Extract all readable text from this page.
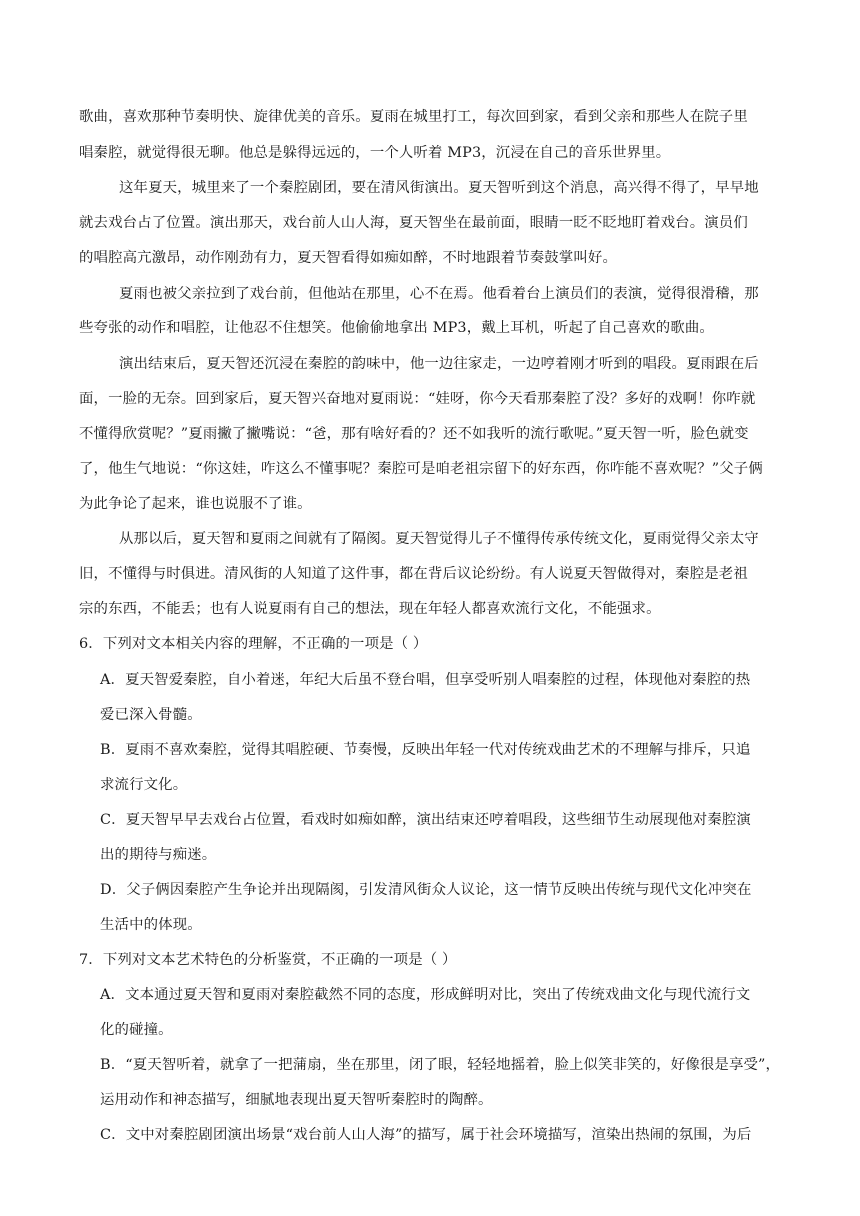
歌曲，喜欢那种节奏明快、旋律优美的音乐。夏雨在城里打工，每次回到家，看到父亲和那些人在院子里
唱秦腔，就觉得很无聊。他总是躲得远远的，一个人听着 MP3，沉浸在自己的音乐世界里。
这年夏天，城里来了一个秦腔剧团，要在清风街演出。夏天智听到这个消息，高兴得不得了，早早地
就去戏台占了位置。演出那天，戏台前人山人海，夏天智坐在最前面，眼睛一眨不眨地盯着戏台。演员们
的唱腔高亢激昂，动作刚劲有力，夏天智看得如痴如醉，不时地跟着节奏鼓掌叫好。
夏雨也被父亲拉到了戏台前，但他站在那里，心不在焉。他看着台上演员们的表演，觉得很滑稽，那
些夸张的动作和唱腔，让他忍不住想笑。他偷偷地拿出 MP3，戴上耳机，听起了自己喜欢的歌曲。
演出结束后，夏天智还沉浸在秦腔的韵味中，他一边往家走，一边哼着刚才听到的唱段。夏雨跟在后
面，一脸的无奈。回到家后，夏天智兴奋地对夏雨说：“娃呀，你今天看那秦腔了没？多好的戏啊！你咋就
不懂得欣赏呢？”夏雨撇了撇嘴说：“爸，那有啥好看的？还不如我听的流行歌呢。”夏天智一听，脸色就变
了，他生气地说：“你这娃，咋这么不懂事呢？秦腔可是咱老祖宗留下的好东西，你咋能不喜欢呢？”父子俩
为此争论了起来，谁也说服不了谁。
从那以后，夏天智和夏雨之间就有了隔阂。夏天智觉得儿子不懂得传承传统文化，夏雨觉得父亲太守
旧，不懂得与时俱进。清风街的人知道了这件事，都在背后议论纷纷。有人说夏天智做得对，秦腔是老祖
宗的东西，不能丢；也有人说夏雨有自己的想法，现在年轻人都喜欢流行文化，不能强求。
6．下列对文本相关内容的理解，不正确的一项是（ ）
A．夏天智爱秦腔，自小着迷，年纪大后虽不登台唱，但享受听别人唱秦腔的过程，体现他对秦腔的热
爱已深入骨髓。
B．夏雨不喜欢秦腔，觉得其唱腔硬、节奏慢，反映出年轻一代对传统戏曲艺术的不理解与排斥，只追
求流行文化。
C．夏天智早早去戏台占位置，看戏时如痴如醉，演出结束还哼着唱段，这些细节生动展现他对秦腔演
出的期待与痴迷。
D．父子俩因秦腔产生争论并出现隔阂，引发清风街众人议论，这一情节反映出传统与现代文化冲突在
生活中的体现。
7．下列对文本艺术特色的分析鉴赏，不正确的一项是（ ）
A．文本通过夏天智和夏雨对秦腔截然不同的态度，形成鲜明对比，突出了传统戏曲文化与现代流行文
化的碰撞。
B．“夏天智听着，就拿了一把蒲扇，坐在那里，闭了眼，轻轻地摇着，脸上似笑非笑的，好像很是享受”，
运用动作和神态描写，细腻地表现出夏天智听秦腔时的陶醉。
C．文中对秦腔剧团演出场景“戏台前人山人海”的描写，属于社会环境描写，渲染出热闹的氛围，为后
